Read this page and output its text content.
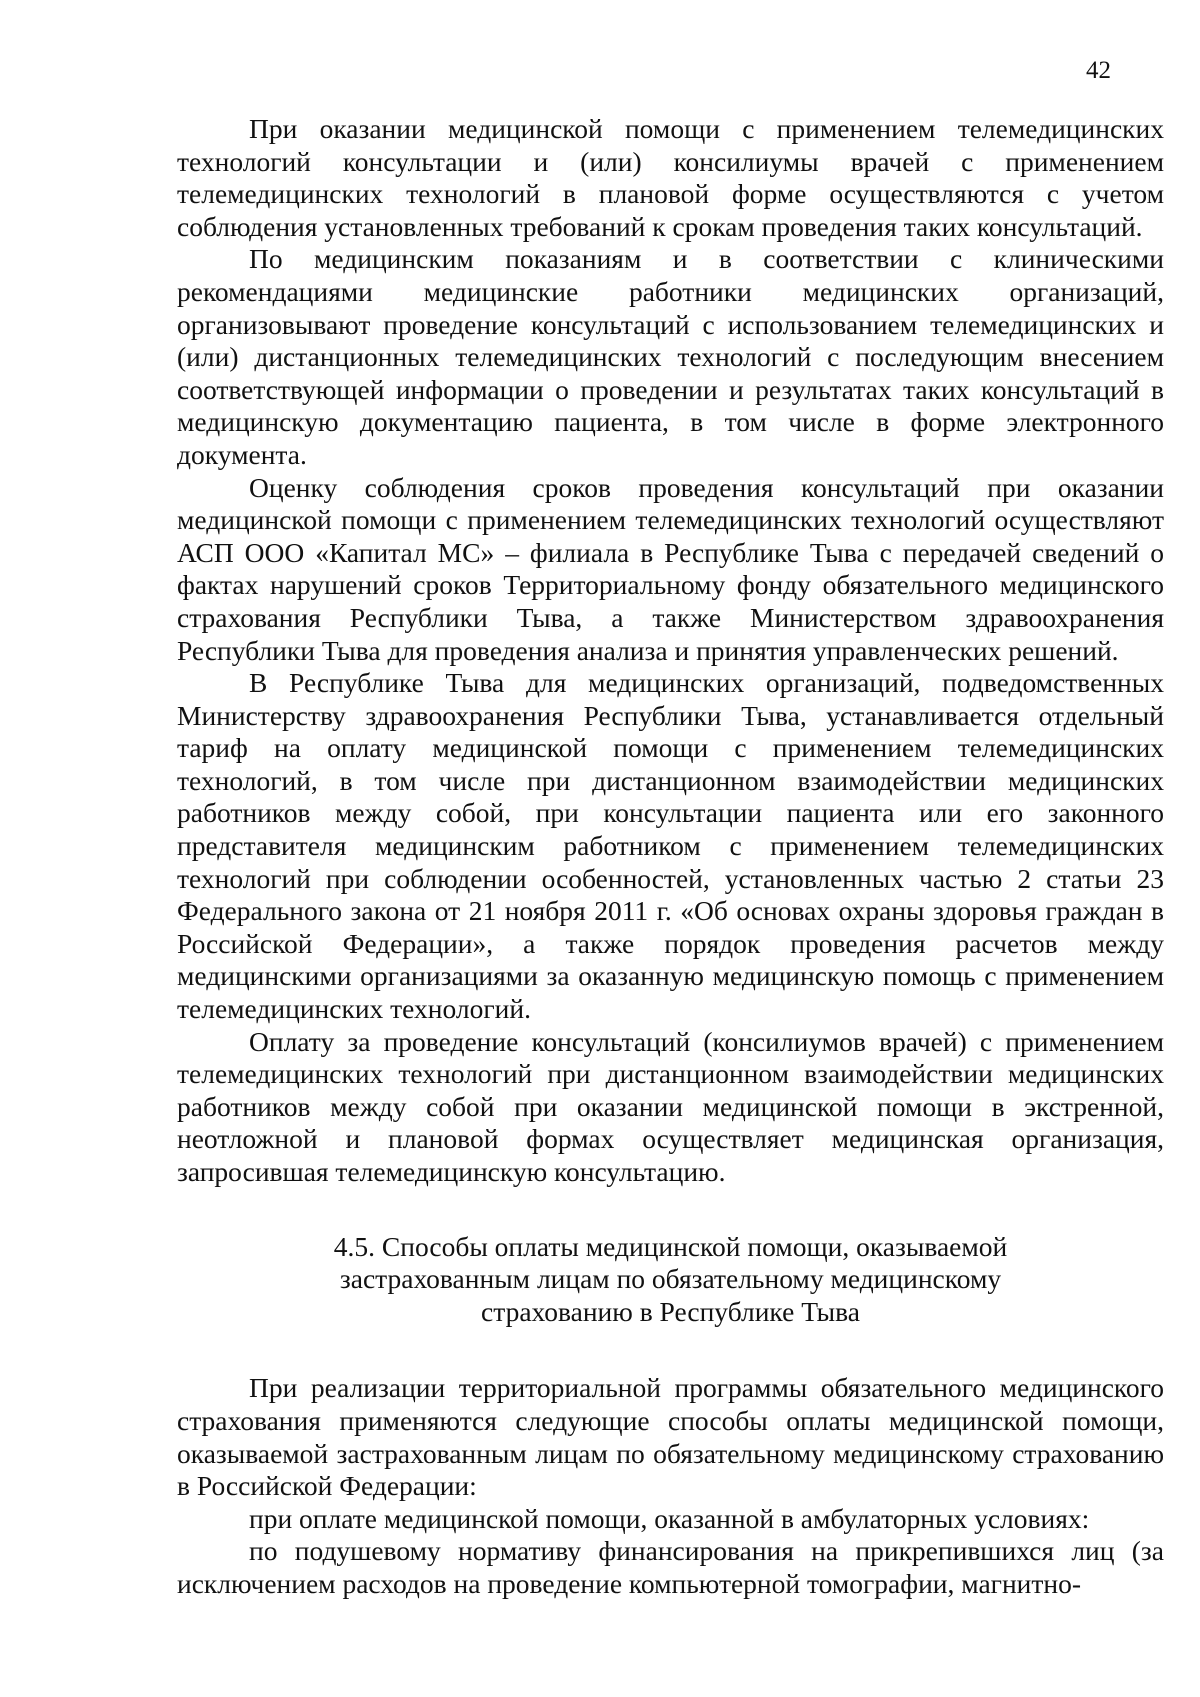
42

При оказании медицинской помощи с применением телемедицинских технологий консультации и (или) консилиумы врачей с применением телемедицинских технологий в плановой форме осуществляются с учетом соблюдения установленных требований к срокам проведения таких консультаций.

По медицинским показаниям и в соответствии с клиническими рекомендациями медицинские работники медицинских организаций, организовывают проведение консультаций с использованием телемедицинских и (или) дистанционных телемедицинских технологий с последующим внесением соответствующей информации о проведении и результатах таких консультаций в медицинскую документацию пациента, в том числе в форме электронного документа.

Оценку соблюдения сроков проведения консультаций при оказании медицинской помощи с применением телемедицинских технологий осуществляют АСП ООО «Капитал МС» – филиала в Республике Тыва с передачей сведений о фактах нарушений сроков Территориальному фонду обязательного медицинского страхования Республики Тыва, а также Министерством здравоохранения Республики Тыва для проведения анализа и принятия управленческих решений.

В Республике Тыва для медицинских организаций, подведомственных Министерству здравоохранения Республики Тыва, устанавливается отдельный тариф на оплату медицинской помощи с применением телемедицинских технологий, в том числе при дистанционном взаимодействии медицинских работников между собой, при консультации пациента или его законного представителя медицинским работником с применением телемедицинских технологий при соблюдении особенностей, установленных частью 2 статьи 23 Федерального закона от 21 ноября 2011 г. «Об основах охраны здоровья граждан в Российской Федерации», а также порядок проведения расчетов между медицинскими организациями за оказанную медицинскую помощь с применением телемедицинских технологий.

Оплату за проведение консультаций (консилиумов врачей) с применением телемедицинских технологий при дистанционном взаимодействии медицинских работников между собой при оказании медицинской помощи в экстренной, неотложной и плановой формах осуществляет медицинская организация, запросившая телемедицинскую консультацию.

4.5. Способы оплаты медицинской помощи, оказываемой
застрахованным лицам по обязательному медицинскому
страхованию в Республике Тыва

При реализации территориальной программы обязательного медицинского страхования применяются следующие способы оплаты медицинской помощи, оказываемой застрахованным лицам по обязательному медицинскому страхованию в Российской Федерации:

при оплате медицинской помощи, оказанной в амбулаторных условиях:

по подушевому нормативу финансирования на прикрепившихся лиц (за исключением расходов на проведение компьютерной томографии, магнитно-
